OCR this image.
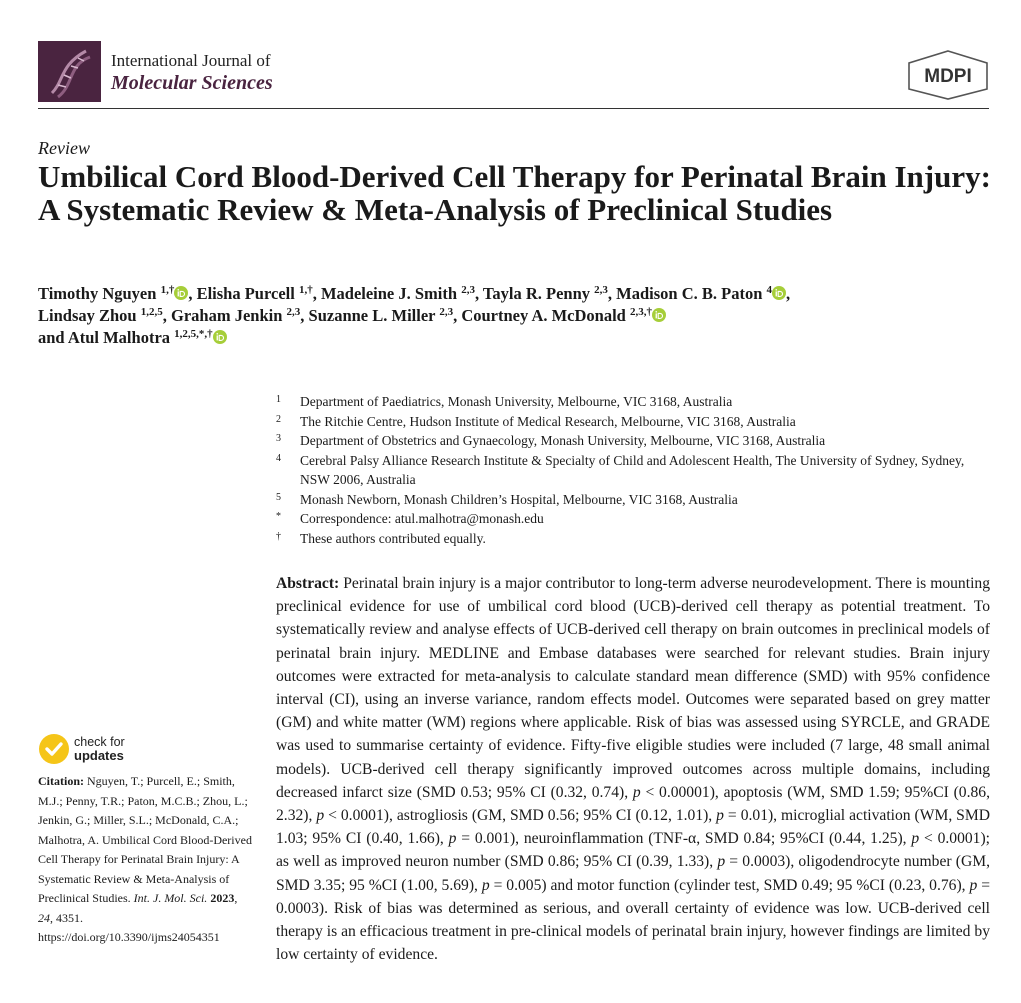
International Journal of
Molecular Sciences	MDPI
Review
Umbilical Cord Blood-Derived Cell Therapy for Perinatal Brain Injury: A Systematic Review & Meta-Analysis of Preclinical Studies
Timothy Nguyen $^{1,\dagger}$ , Elisha Purcell $^{1,\dagger}$, Madeleine J. Smith $^{2,3}$, Tayla R. Penny $^{2,3}$, Madison C. B. Paton $^4$ ,
Lindsay Zhou $^{1,2,5}$, Graham Jenkin $^{2,3}$, Suzanne L. Miller $^{2,3}$, Courtney A. McDonald $^{2,3,\dagger}$
and Atul Malhotra $^{1,2,5,*,\dagger}$
1 Department of Paediatrics, Monash University, Melbourne, VIC 3168, Australia
2 The Ritchie Centre, Hudson Institute of Medical Research, Melbourne, VIC 3168, Australia
3 Department of Obstetrics and Gynaecology, Monash University, Melbourne, VIC 3168, Australia
4 Cerebral Palsy Alliance Research Institute & Specialty of Child and Adolescent Health, The University of Sydney, Sydney, NSW 2006, Australia
5 Monash Newborn, Monash Children’s Hospital, Melbourne, VIC 3168, Australia
* Correspondence: atul.malhotra@monash.edu
† These authors contributed equally.

Abstract: Perinatal brain injury is a major contributor to long-term adverse neurodevelopment. There is mounting preclinical evidence for use of umbilical cord blood (UCB)-derived cell therapy as potential treatment. To systematically review and analyse effects of UCB-derived cell therapy on brain outcomes in preclinical models of perinatal brain injury. MEDLINE and Embase databases were searched for relevant studies. Brain injury outcomes were extracted for meta-analysis to calculate standard mean difference (SMD) with 95% confidence interval (CI), using an inverse variance, random effects model. Outcomes were separated based on grey matter (GM) and white matter (WM) regions where applicable. Risk of bias was assessed using SYRCLE, and GRADE was used to summarise certainty of evidence. Fifty-five eligible studies were included (7 large, 48 small animal models). UCB-derived cell therapy significantly improved outcomes across multiple domains, including decreased infarct size (SMD 0.53; 95% CI (0.32, 0.74), p < 0.00001), apoptosis (WM, SMD 1.59; 95%CI (0.86, 2.32), p < 0.0001), astrogliosis (GM, SMD 0.56; 95% CI (0.12, 1.01), p = 0.01), microglial activation (WM, SMD 1.03; 95% CI (0.40, 1.66), p = 0.001), neuroinflammation (TNF-α, SMD 0.84; 95%CI (0.44, 1.25), p < 0.0001); as well as improved neuron number (SMD 0.86; 95% CI (0.39, 1.33), p = 0.0003), oligodendrocyte number (GM, SMD 3.35; 95 %CI (1.00, 5.69), p = 0.005) and motor function (cylinder test, SMD 0.49; 95 %CI (0.23, 0.76), p = 0.0003). Risk of bias was determined as serious, and overall certainty of evidence was low. UCB-derived cell therapy is an efficacious treatment in pre-clinical models of perinatal brain injury, however findings are limited by low certainty of evidence.

check for
updates
Citation: Nguyen, T.; Purcell, E.; Smith, M.J.; Penny, T.R.; Paton, M.C.B.; Zhou, L.; Jenkin, G.; Miller, S.L.; McDonald, C.A.; Malhotra, A. Umbilical Cord Blood-Derived Cell Therapy for Perinatal Brain Injury: A Systematic Review & Meta-Analysis of Preclinical Studies. Int. J. Mol. Sci. 2023, 24, 4351. https://doi.org/10.3390/ijms24054351
